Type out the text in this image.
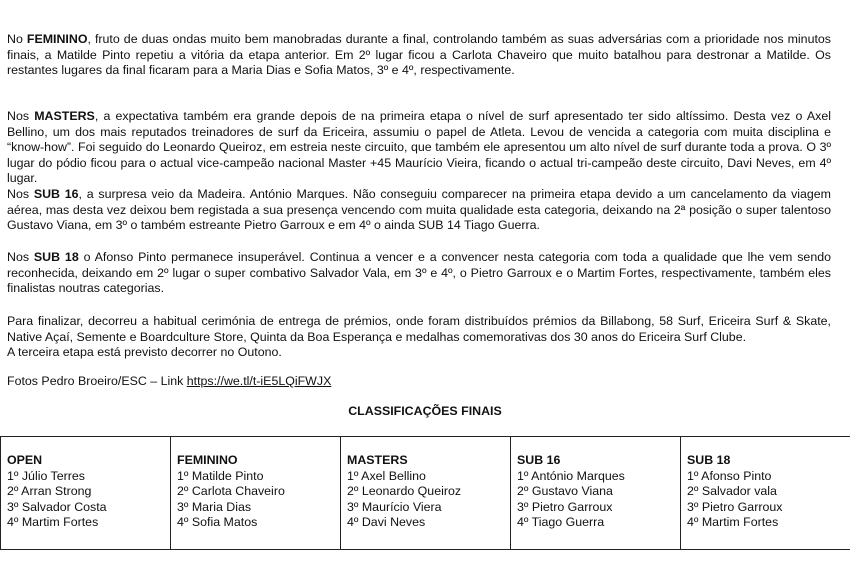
No FEMININO, fruto de duas ondas muito bem manobradas durante a final, controlando também as suas adversárias com a prioridade nos minutos finais, a Matilde Pinto repetiu a vitória da etapa anterior. Em 2º lugar ficou a Carlota Chaveiro que muito batalhou para destronar a Matilde. Os restantes lugares da final ficaram para a Maria Dias e Sofia Matos, 3º e 4º, respectivamente.

Nos MASTERS, a expectativa também era grande depois de na primeira etapa o nível de surf apresentado ter sido altíssimo. Desta vez o Axel Bellino, um dos mais reputados treinadores de surf da Ericeira, assumiu o papel de Atleta. Levou de vencida a categoria com muita disciplina e “know-how”. Foi seguido do Leonardo Queiroz, em estreia neste circuito, que também ele apresentou um alto nível de surf durante toda a prova. O 3º lugar do pódio ficou para o actual vice-campeão nacional Master +45 Maurício Vieira, ficando o actual tri-campeão deste circuito, Davi Neves, em 4º lugar.

Nos SUB 16, a surpresa veio da Madeira. António Marques. Não conseguiu comparecer na primeira etapa devido a um cancelamento da viagem aérea, mas desta vez deixou bem registada a sua presença vencendo com muita qualidade esta categoria, deixando na 2ª posição o super talentoso Gustavo Viana, em 3º o também estreante Pietro Garroux e em 4º o ainda SUB 14 Tiago Guerra.

Nos SUB 18 o Afonso Pinto permanece insuperável. Continua a vencer e a convencer nesta categoria com toda a qualidade que lhe vem sendo reconhecida, deixando em 2º lugar o super combativo Salvador Vala, em 3º e 4º, o Pietro Garroux e o Martim Fortes, respectivamente, também eles finalistas noutras categorias.

Para finalizar, decorreu a habitual cerimónia de entrega de prémios, onde foram distribuídos prémios da Billabong, 58 Surf, Ericeira Surf & Skate, Native Açaí, Semente e Boardculture Store, Quinta da Boa Esperança e medalhas comemorativas dos 30 anos do Ericeira Surf Clube.

A terceira etapa está previsto decorrer no Outono.
Fotos Pedro Broeiro/ESC – Link https://we.tl/t-iE5LQiFWJX
CLASSIFICAÇÕES FINAIS
OPEN
1º Júlio Terres
2º Arran Strong
3º Salvador Costa
4º Martim Fortes
FEMININO
1º Matilde Pinto
2º Carlota Chaveiro
3º Maria Dias
4º Sofia Matos
MASTERS
1º Axel Bellino
2º Leonardo Queiroz
3º Maurício Viera
4º Davi Neves
SUB 16
1º António Marques
2º Gustavo Viana
3º Pietro Garroux
4º Tiago Guerra
SUB 18
1º Afonso Pinto
2º Salvador vala
3º Pietro Garroux
4º Martim Fortes
